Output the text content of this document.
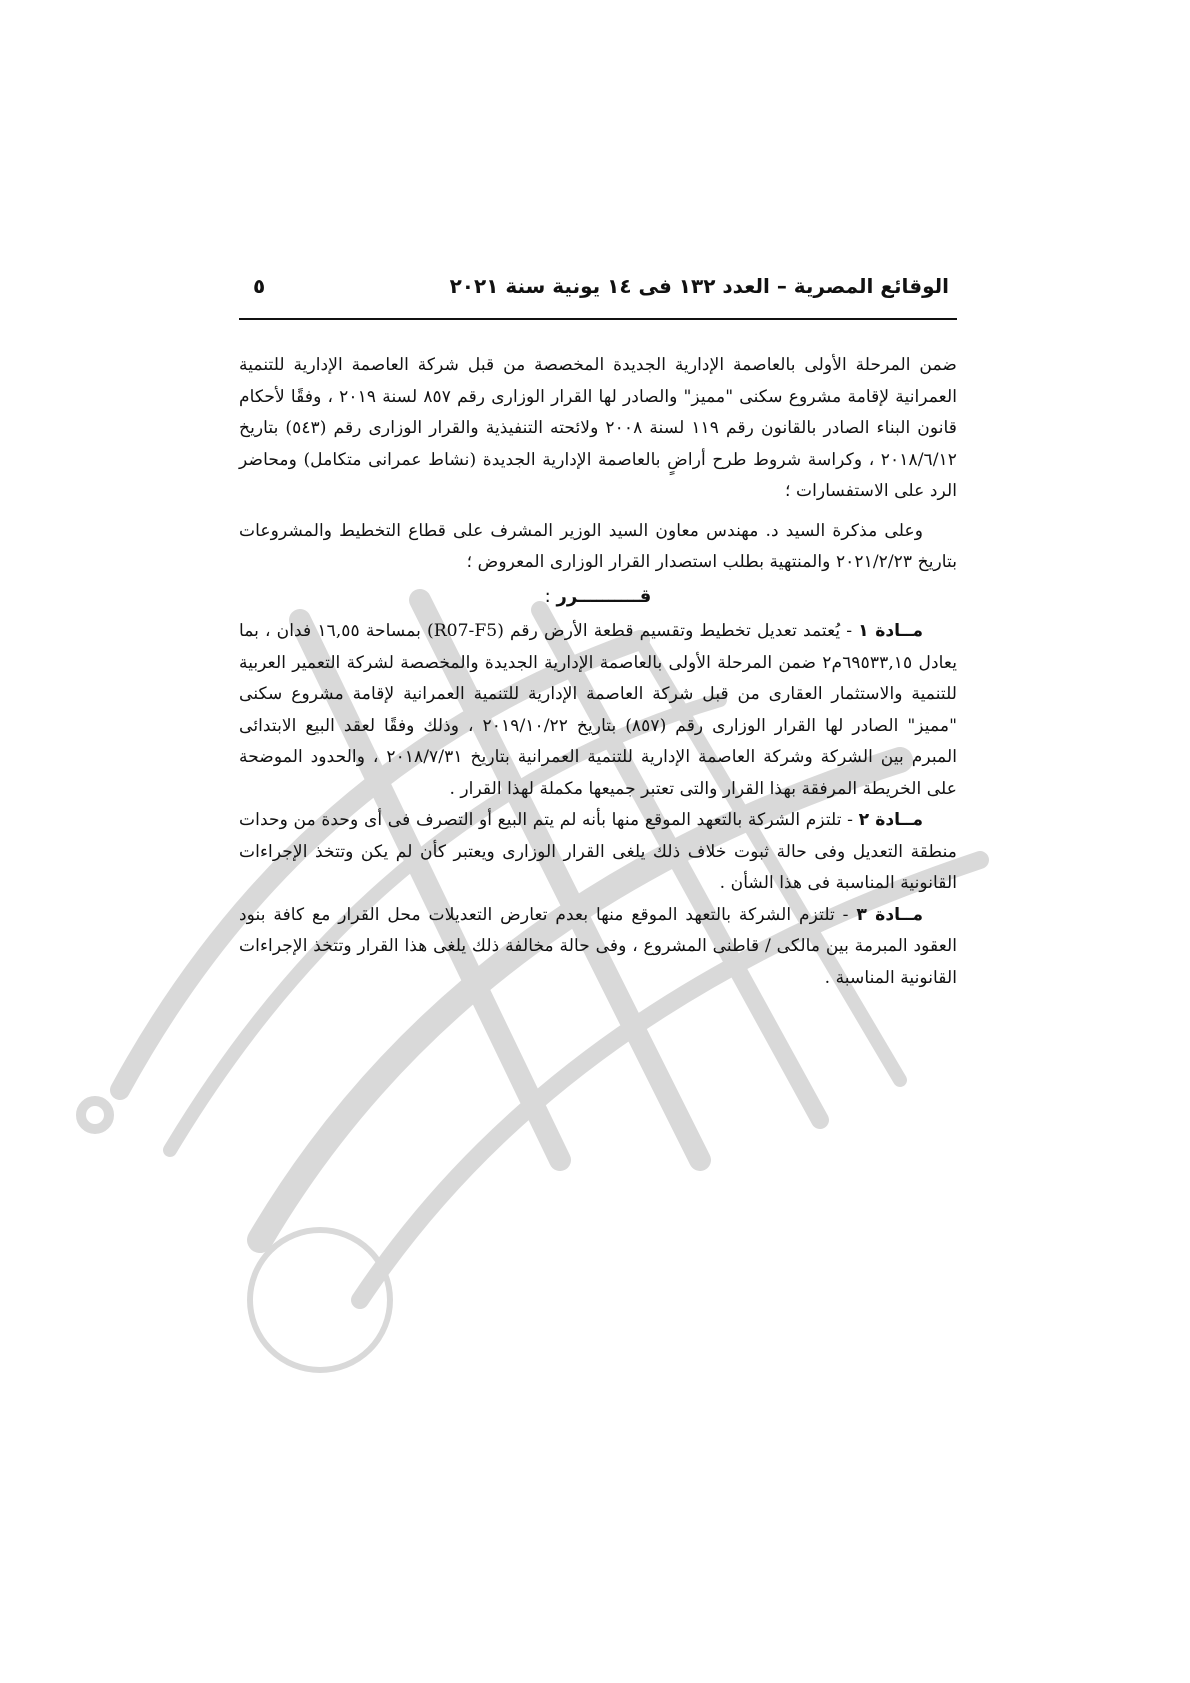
الوقائع المصرية – العدد ١٣٢ فى ١٤ يونية سنة ٢٠٢١
٥

ضمن المرحلة الأولى بالعاصمة الإدارية الجديدة المخصصة من قبل شركة العاصمة الإدارية للتنمية العمرانية لإقامة مشروع سكنى "مميز" والصادر لها القرار الوزارى رقم ٨٥٧ لسنة ٢٠١٩ ، وفقًا لأحكام قانون البناء الصادر بالقانون رقم ١١٩ لسنة ٢٠٠٨ ولائحته التنفيذية والقرار الوزارى رقم (٥٤٣) بتاريخ ٢٠١٨/٦/١٢ ، وكراسة شروط طرح أراضٍ بالعاصمة الإدارية الجديدة (نشاط عمرانى متكامل) ومحاضر الرد على الاستفسارات ؛

وعلى مذكرة السيد د. مهندس معاون السيد الوزير المشرف على قطاع التخطيط والمشروعات بتاريخ ٢٠٢١/٢/٢٣ والمنتهية بطلب استصدار القرار الوزارى المعروض ؛

قــــــــــرر :

مــادة ١ - يُعتمد تعديل تخطيط وتقسيم قطعة الأرض رقم (R07-F5) بمساحة ١٦,٥٥ فدان ، بما يعادل ٦٩٥٣٣,١٥م٢ ضمن المرحلة الأولى بالعاصمة الإدارية الجديدة والمخصصة لشركة التعمير العربية للتنمية والاستثمار العقارى من قبل شركة العاصمة الإدارية للتنمية العمرانية لإقامة مشروع سكنى "مميز" الصادر لها القرار الوزارى رقم (٨٥٧) بتاريخ ٢٠١٩/١٠/٢٢ ، وذلك وفقًا لعقد البيع الابتدائى المبرم بين الشركة وشركة العاصمة الإدارية للتنمية العمرانية بتاريخ ٢٠١٨/٧/٣١ ، والحدود الموضحة على الخريطة المرفقة بهذا القرار والتى تعتبر جميعها مكملة لهذا القرار .

مــادة ٢ - تلتزم الشركة بالتعهد الموقع منها بأنه لم يتم البيع أو التصرف فى أى وحدة من وحدات منطقة التعديل وفى حالة ثبوت خلاف ذلك يلغى القرار الوزارى ويعتبر كأن لم يكن وتتخذ الإجراءات القانونية المناسبة فى هذا الشأن .

مــادة ٣ - تلتزم الشركة بالتعهد الموقع منها بعدم تعارض التعديلات محل القرار مع كافة بنود العقود المبرمة بين مالكى / قاطنى المشروع ، وفى حالة مخالفة ذلك يلغى هذا القرار وتتخذ الإجراءات القانونية المناسبة .
